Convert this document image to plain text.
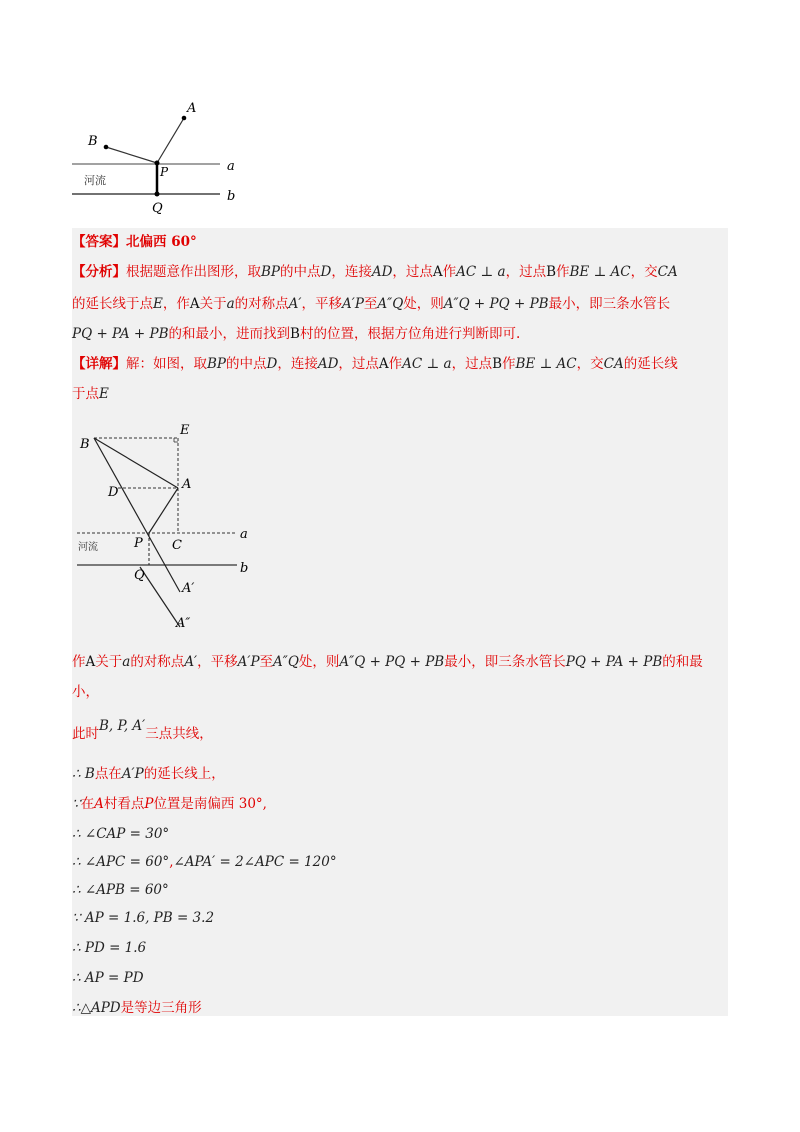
A
B
P
Q
a
b
河流
【答案】北偏西 60°
【分析】根据题意作出图形，取BP的中点D，连接AD，过点A作AC ⊥ a，过点B作BE ⊥ AC，交CA
的延长线于点E，作A关于a的对称点A′，平移A′P至A″Q处，则A″Q + PQ + PB最小，即三条水管长
PQ + PA + PB的和最小，进而找到B村的位置，根据方位角进行判断即可.
【详解】解：如图，取BP的中点D，连接AD，过点A作AC ⊥ a，过点B作BE ⊥ AC，交CA的延长线
于点E
B
E
D
A
a
河流	P C
Q	b
A′
A″
作A关于a的对称点A′，平移A′P至A″Q处，则A″Q + PQ + PB最小，即三条水管长PQ + PA + PB的和最
小，
此时B, P, A′三点共线，
∴ B点在A′P的延长线上，
∵在A村看点P位置是南偏西 30°,
∴ ∠CAP = 30°
∴ ∠APC = 60°,∠APA′ = 2∠APC = 120°
∴ ∠APB = 60°
∵ AP = 1.6, PB = 3.2
∴ PD = 1.6
∴ AP = PD
∴△APD是等边三角形
